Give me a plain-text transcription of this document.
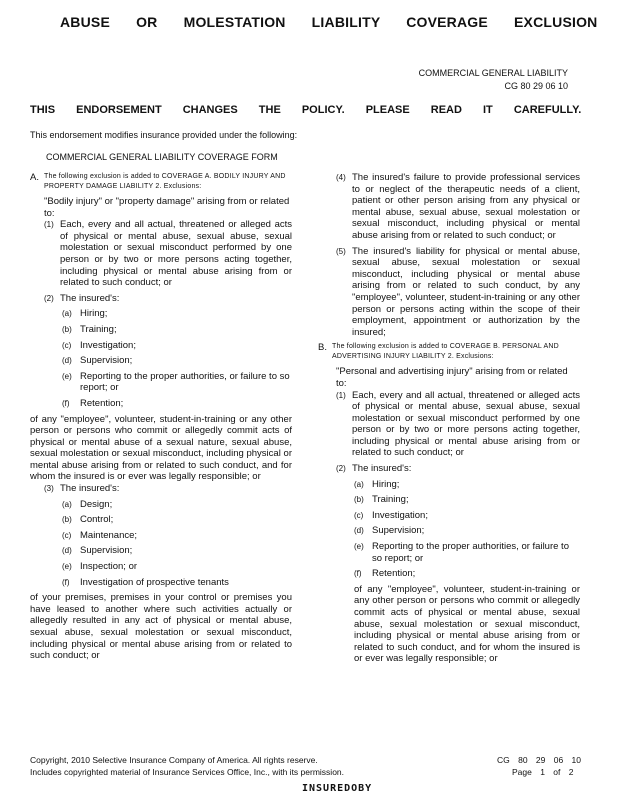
ABUSE OR MOLESTATION LIABILITY COVERAGE EXCLUSION
COMMERCIAL GENERAL LIABILITY
CG 80 29 06 10
THIS ENDORSEMENT CHANGES THE POLICY. PLEASE READ IT CAREFULLY.
This endorsement modifies insurance provided under the following:
COMMERCIAL GENERAL LIABILITY COVERAGE FORM
A. The following exclusion is added to COVERAGE A. BODILY INJURY AND PROPERTY DAMAGE LIABILITY 2. Exclusions:

"Bodily injury" or "property damage" arising from or related to:

(1) Each, every and all actual, threatened or alleged acts of physical or mental abuse, sexual abuse, sexual molestation or sexual misconduct performed by one person or by two or more persons acting together, including physical or mental abuse arising from or related to such conduct; or
(2) The insured's:
(a) Hiring;
(b) Training;
(c) Investigation;
(d) Supervision;
(e) Reporting to the proper authorities, or failure to so report; or
(f)	Retention;

of any "employee", volunteer, student-in-training or any other person or persons who commit or allegedly commit acts of physical or mental abuse of a sexual nature, sexual abuse, sexual molestation or sexual misconduct, including physical or mental abuse arising from or related to such conduct, and for whom the insured is or ever was legally responsible; or

(3) The insured's:
(a) Design;
(b) Control;
(c) Maintenance;
(d) Supervision;
(e) Inspection; or
(f)	Investigation of prospective tenants

of your premises, premises in your control or premises you have leased to another where such activities actually or allegedly resulted in any act of physical or mental abuse, sexual abuse, sexual molestation or sexual misconduct, including physical or mental abuse arising from or related to such conduct; or

(4) The insured's failure to provide professional services to or neglect of the therapeutic needs of a client, patient or other person arising from any physical or mental abuse, sexual abuse, sexual molestation or sexual misconduct, including physical or mental abuse arising from or related to such conduct; or
(5) The insured's liability for physical or mental abuse, sexual abuse, sexual molestation or sexual misconduct, including physical or mental abuse arising from or related to such conduct, by any "employee", volunteer, student-in-training or any other person or persons acting within the scope of their employment, appointment or authorization by the insured;
B. The following exclusion is added to COVERAGE B. PERSONAL AND ADVERTISING INJURY LIABILITY 2. Exclusions:

"Personal and advertising injury" arising from or related to:

(1) Each, every and all actual, threatened or alleged acts of physical or mental abuse, sexual abuse, sexual molestation or sexual misconduct performed by one person or by two or more persons acting together, including physical or mental abuse arising from or related to such conduct; or
(2) The insured's:
(a) Hiring;
(b) Training;
(c) Investigation;
(d) Supervision;
(e) Reporting to the proper authorities, or failure to so report; or
(f)	Retention;

of any "employee", volunteer, student-in-training or any other person or persons who commit or allegedly commit acts of physical or mental abuse, sexual abuse, sexual molestation or sexual misconduct, including physical or mental abuse arising from or related to such conduct, and for whom the insured is or ever was legally responsible; or

Copyright, 2010 Selective Insurance Company of America. All rights reserve.
Includes copyrighted material of Insurance Services Office, Inc., with its permission.
CG 80 29 06 10
Page 1 of 2
INSUREDOBY
